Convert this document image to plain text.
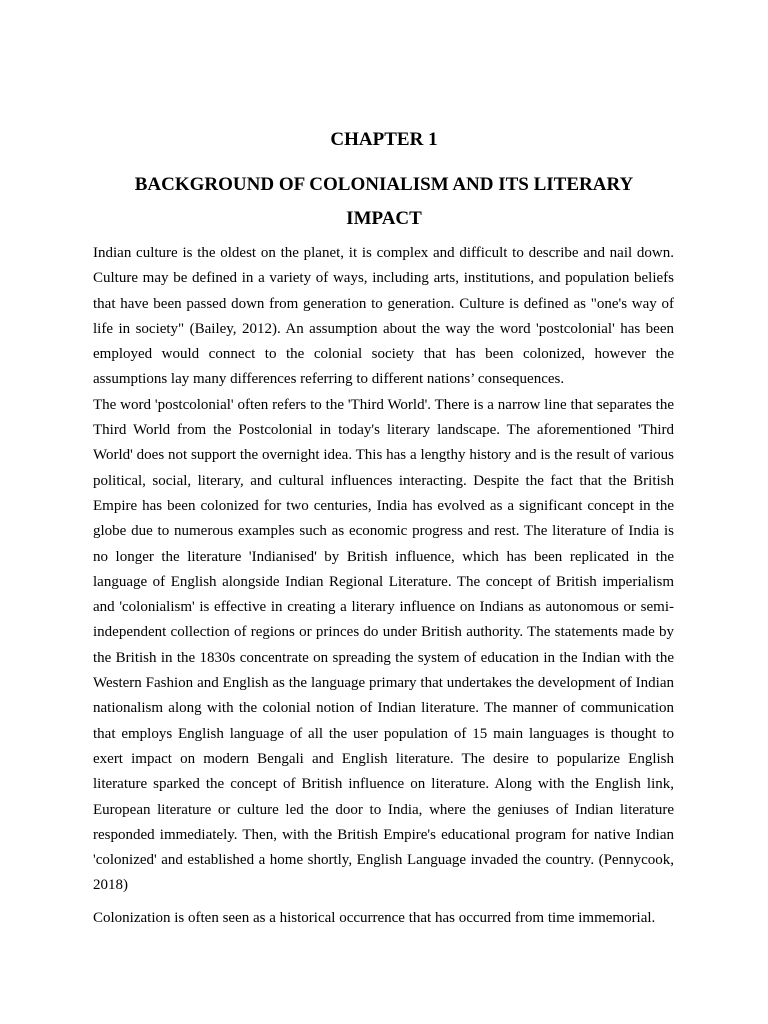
CHAPTER 1
BACKGROUND OF COLONIALISM AND ITS LITERARY IMPACT

Indian culture is the oldest on the planet, it is complex and difficult to describe and nail down. Culture may be defined in a variety of ways, including arts, institutions, and population beliefs that have been passed down from generation to generation. Culture is defined as "one's way of life in society" (Bailey, 2012). An assumption about the way the word 'postcolonial' has been employed would connect to the colonial society that has been colonized, however the assumptions lay many differences referring to different nations’ consequences.

The word 'postcolonial' often refers to the 'Third World'. There is a narrow line that separates the Third World from the Postcolonial in today's literary landscape. The aforementioned 'Third World' does not support the overnight idea. This has a lengthy history and is the result of various political, social, literary, and cultural influences interacting. Despite the fact that the British Empire has been colonized for two centuries, India has evolved as a significant concept in the globe due to numerous examples such as economic progress and rest. The literature of India is no longer the literature 'Indianised' by British influence, which has been replicated in the language of English alongside Indian Regional Literature. The concept of British imperialism and 'colonialism' is effective in creating a literary influence on Indians as autonomous or semi-independent collection of regions or princes do under British authority. The statements made by the British in the 1830s concentrate on spreading the system of education in the Indian with the Western Fashion and English as the language primary that undertakes the development of Indian nationalism along with the colonial notion of Indian literature. The manner of communication that employs English language of all the user population of 15 main languages is thought to exert impact on modern Bengali and English literature. The desire to popularize English literature sparked the concept of British influence on literature. Along with the English link, European literature or culture led the door to India, where the geniuses of Indian literature responded immediately. Then, with the British Empire's educational program for native Indian 'colonized' and established a home shortly, English Language invaded the country. (Pennycook, 2018)

Colonization is often seen as a historical occurrence that has occurred from time immemorial.
